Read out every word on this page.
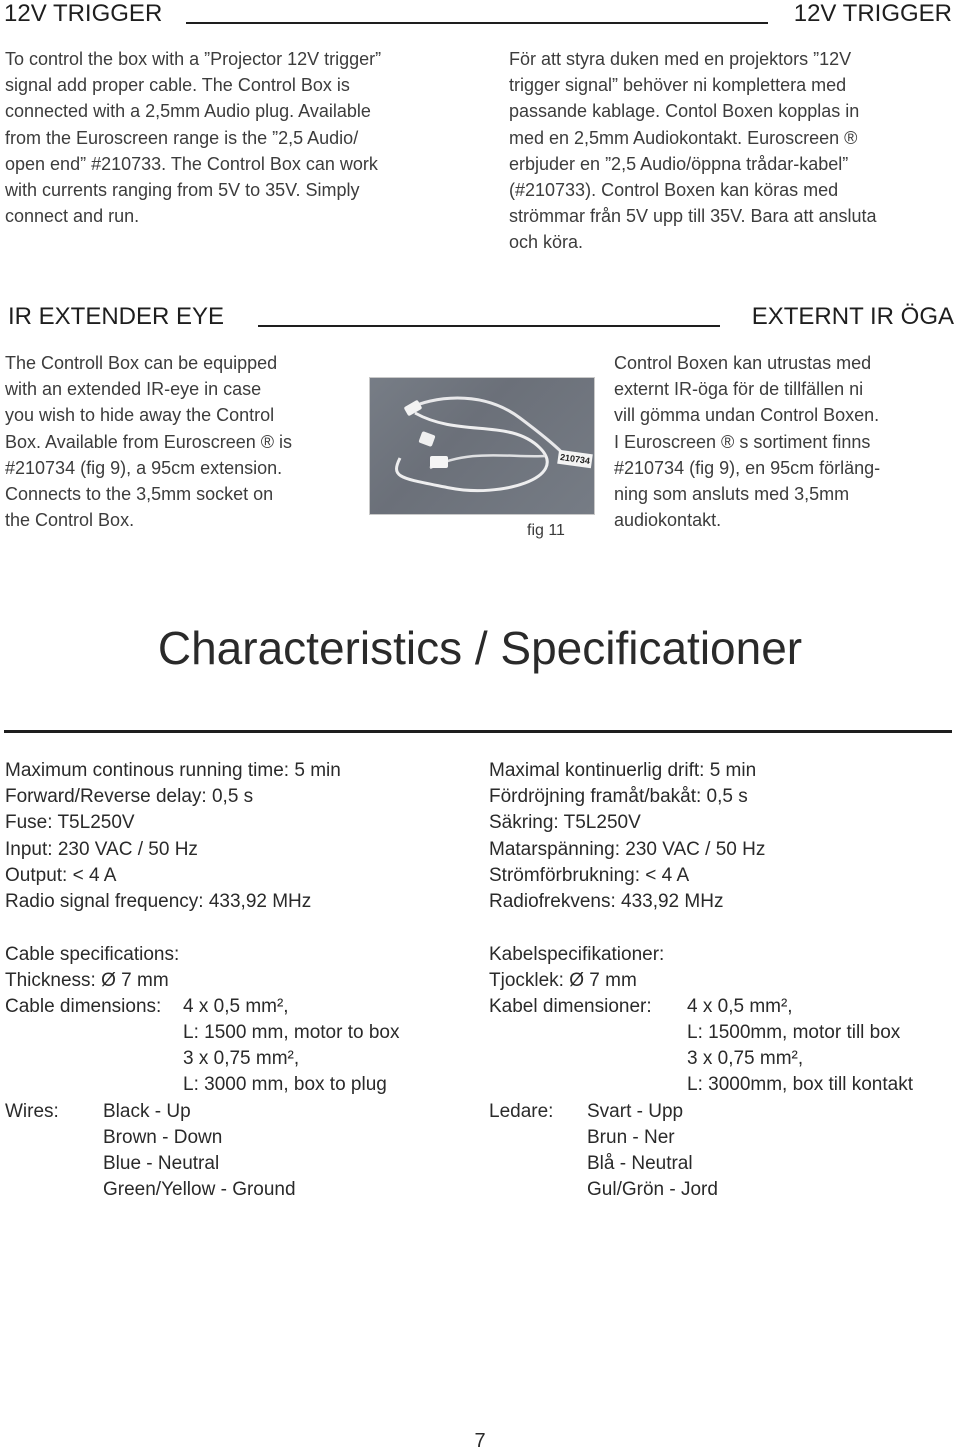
12V TRIGGER	12V TRIGGER
To control the box with a ”Projector 12V trigger”
signal add proper cable. The Control Box is
connected with a 2,5mm Audio plug. Available
from the Euroscreen range is the ”2,5 Audio/
open end” #210733. The Control Box can work
with currents ranging from 5V to 35V. Simply
connect and run.
För att styra duken med en projektors ”12V
trigger signal” behöver ni komplettera med
passande kablage. Contol Boxen kopplas in
med en 2,5mm Audiokontakt. Euroscreen ®
erbjuder en ”2,5 Audio/öppna trådar-kabel”
(#210733). Control Boxen kan köras med
strömmar från 5V upp till 35V. Bara att ansluta
och köra.
IR EXTENDER EYE	EXTERNT IR ÖGA
The Controll Box can be equipped
with an extended IR-eye in case
you wish to hide away the Control
Box. Available from Euroscreen ® is
#210734 (fig 9), a 95cm extension.
Connects to the 3,5mm socket on
the Control Box.
210734
fig 11
Control Boxen kan utrustas med
externt IR-öga för de tillfällen ni
vill gömma undan Control Boxen.
I Euroscreen ® s sortiment finns
#210734 (fig 9), en 95cm förläng-
ning som ansluts med 3,5mm
audiokontakt.
Characteristics / Specificationer
Maximum continous running time: 5 min
Forward/Reverse delay: 0,5 s
Fuse: T5L250V
Input: 230 VAC / 50 Hz
Output: < 4 A
Radio signal frequency: 433,92 MHz
Cable specifications:
Thickness: Ø 7 mm
Cable dimensions: 4 x 0,5 mm²,
L: 1500 mm, motor to box
3 x 0,75 mm²,
L: 3000 mm, box to plug
Wires: Black - Up
Brown - Down
Blue - Neutral
Green/Yellow - Ground
Maximal kontinuerlig drift: 5 min
Fördröjning framåt/bakåt: 0,5 s
Säkring: T5L250V
Matarspänning: 230 VAC / 50 Hz
Strömförbrukning: < 4 A
Radiofrekvens: 433,92 MHz
Kabelspecifikationer:
Tjocklek: Ø 7 mm
Kabel dimensioner: 4 x 0,5 mm²,
L: 1500mm, motor till box
3 x 0,75 mm²,
L: 3000mm, box till kontakt
Ledare: Svart - Upp
Brun - Ner
Blå - Neutral
Gul/Grön - Jord
7
